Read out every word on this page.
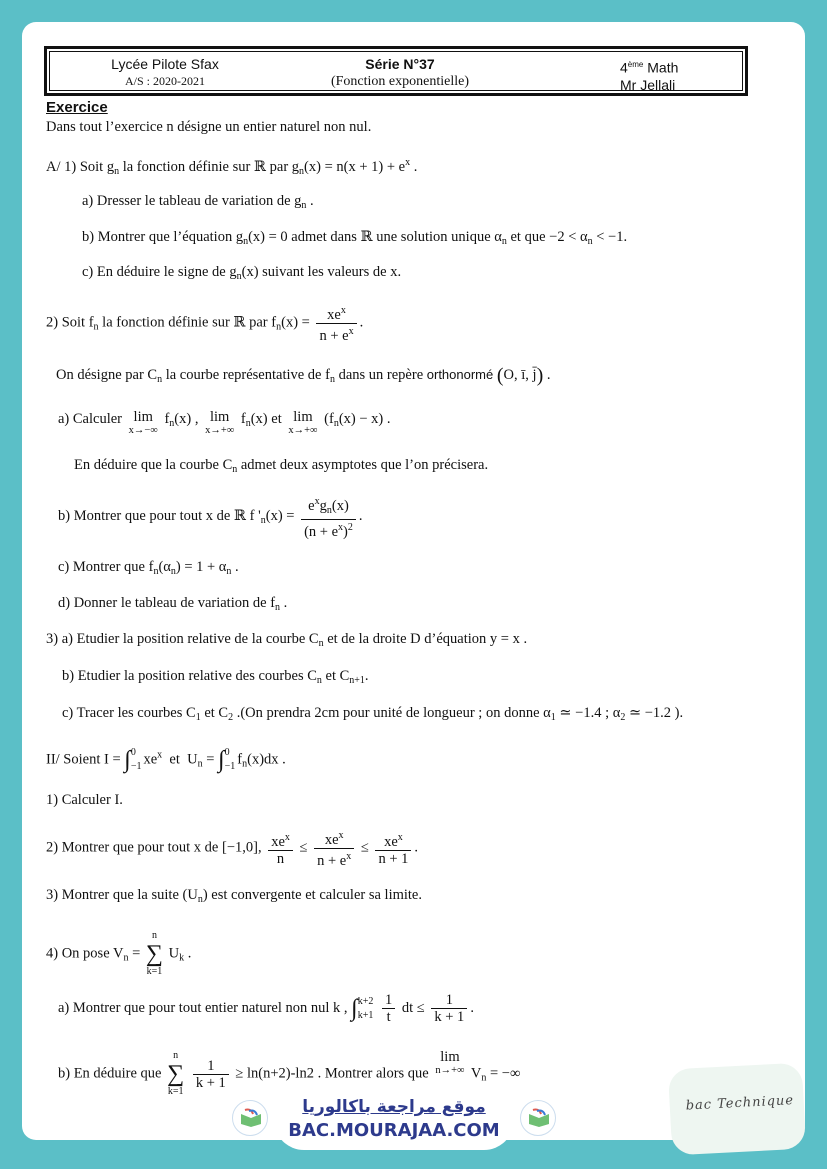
Lycée Pilote Sfax
A/S : 2020-2021
Série N°37
(Fonction exponentielle)
4ème Math
Mr Jellali
Exercice
Dans tout l’exercice n désigne un entier naturel non nul.
A/ 1) Soit $g_n$ la fonction définie sur ℝ par $g_n(x) = n(x + 1) + e^x$ .
a) Dresser le tableau de variation de $g_n$ .
b) Montrer que l’équation $g_n(x) = 0$ admet dans ℝ une solution unique $\alpha_n$ et que $-2 < \alpha_n < -1$.
c) En déduire le signe de $g_n(x)$ suivant les valeurs de x.
2) Soit $f_n$ la fonction définie sur ℝ par $f_n(x) = \frac{xe^x}{n + e^x}$ .
On désigne par $C_n$ la courbe représentative de $f_n$ dans un repère orthonormé (O, ī, j̄) .
a) Calculer lim
x→−∞
$f_n(x)$ , lim
x→+∞
$f_n(x)$ et lim
x→+∞
$(f_n(x) - x)$ .
En déduire que la courbe $C_n$ admet deux asymptotes que l’on précisera.
b) Montrer que pour tout x de ℝ f '$_n(x) = \frac{e^xg_n(x)}{(n + e^x)^2}$ .
c) Montrer que $f_n(\alpha_n) = 1 + \alpha_n$ .
d) Donner le tableau de variation de $f_n$ .
3) a) Etudier la position relative de la courbe $C_n$ et de la droite D d’équation y = x .
b) Etudier la position relative des courbes $C_n$ et $C_{n+1}$.
c) Tracer les courbes $C_1$ et $C_2$ .(On prendra 2cm pour unité de longueur ; on donne $\alpha_1$ ≃ −1.4 ; $\alpha_2$ ≃ −1.2 ).
II/ Soient I = ∫ 0
−1 $xe^x$ et  $U_n$ = ∫ 0
−1 $f_n(x)dx$ .
1) Calculer I.
2) Montrer que pour tout x de [−1,0], $\frac{xe^x}{n} \le \frac{xe^x}{n + e^x} \le \frac{xe^x}{n + 1}$ .
3) Montrer que la suite $(U_n)$ est convergente et calculer sa limite.
4) On pose $V_n$ =
n
∑
k=1
$U_k$ .
a) Montrer que pour tout entier naturel non nul k , ∫ k+2
k+1
$\frac{1}{t}$ dt ≤ $\frac{1}{k + 1}$ .
b) En déduire que
n
∑
k=1

$\frac{1}{k + 1} \ge \ln(n+2)-\ln 2$ . Montrer alors que lim
n→+∞ $V_n$ = −∞
موقع مراجعة باكالوريا
BAC.MOURAJAA.COM
bac Technique
